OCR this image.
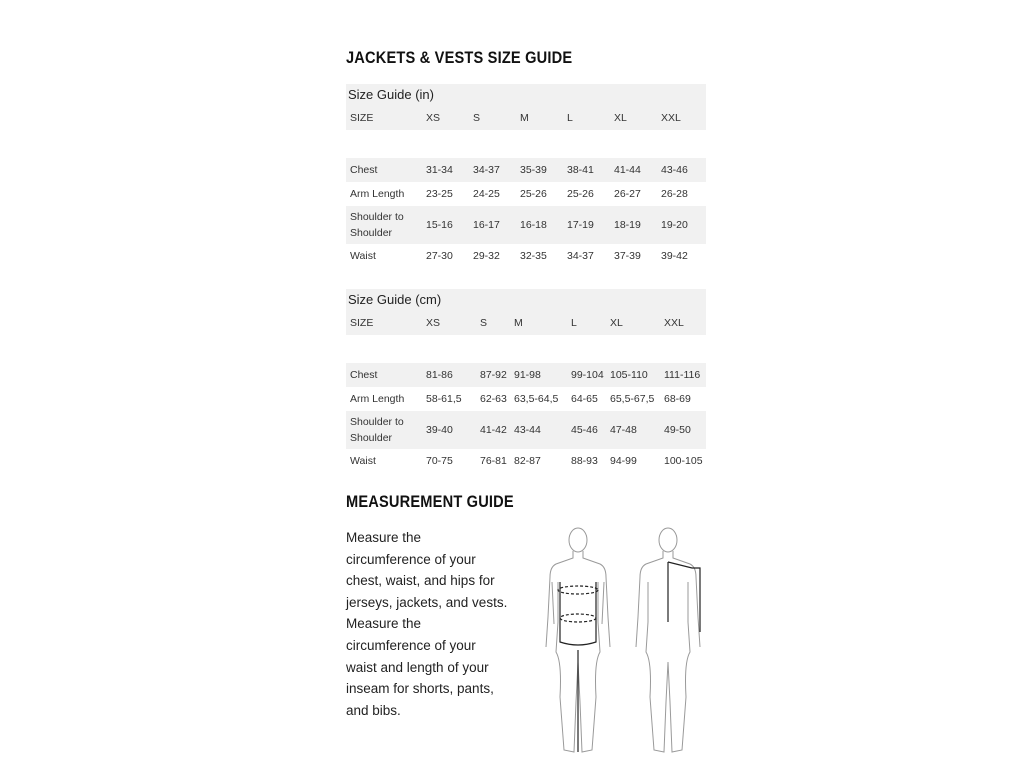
JACKETS & VESTS SIZE GUIDE
Size Guide (in)
SIZE	XS	S	M	L	XL	XXL
Chest	31-34	34-37	35-39	38-41	41-44	43-46
Arm Length	23-25	24-25	25-26	25-26	26-27	26-28
Shoulder to
Shoulder
15-16	16-17	16-18	17-19	18-19	19-20
Waist	27-30	29-32	32-35	34-37	37-39	39-42
Size Guide (cm)
SIZE	XS	S	M	L	XL	XXL
Chest	81-86	87-92 91-98	99-104 105-110	111-116
Arm Length	58-61,5	62-63 63,5-64,5	64-65	65,5-67,5 68-69
Shoulder to
Shoulder
39-40	41-42 43-44	45-46	47-48	49-50
Waist	70-75	76-81 82-87	88-93	94-99	100-105
MEASUREMENT GUIDE
Measure the
circumference of your
chest, waist, and hips for
jerseys, jackets, and vests.
Measure the
circumference of your
waist and length of your
inseam for shorts, pants,
and bibs.
